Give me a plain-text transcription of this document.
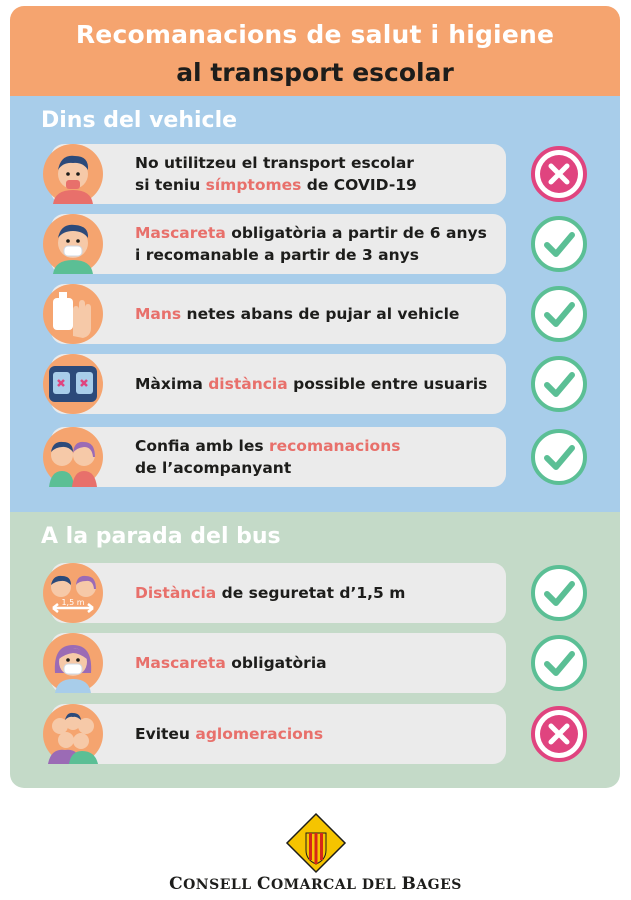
Recomanacions de salut i higiene
al transport escolar
Dins del vehicle
No utilitzeu el transport escolar
si teniu símptomes de COVID-19
Mascareta obligatòria a partir de 6 anys
i recomanable a partir de 3 anys
Mans netes abans de pujar al vehicle
Màxima distància possible entre usuaris
Confia amb les recomanacions
de l’acompanyant
A la parada del bus
1,5 m
Distància de seguretat d’1,5 m
Mascareta obligatòria
Eviteu aglomeracions
CONSELL COMARCAL DEL BAGES
